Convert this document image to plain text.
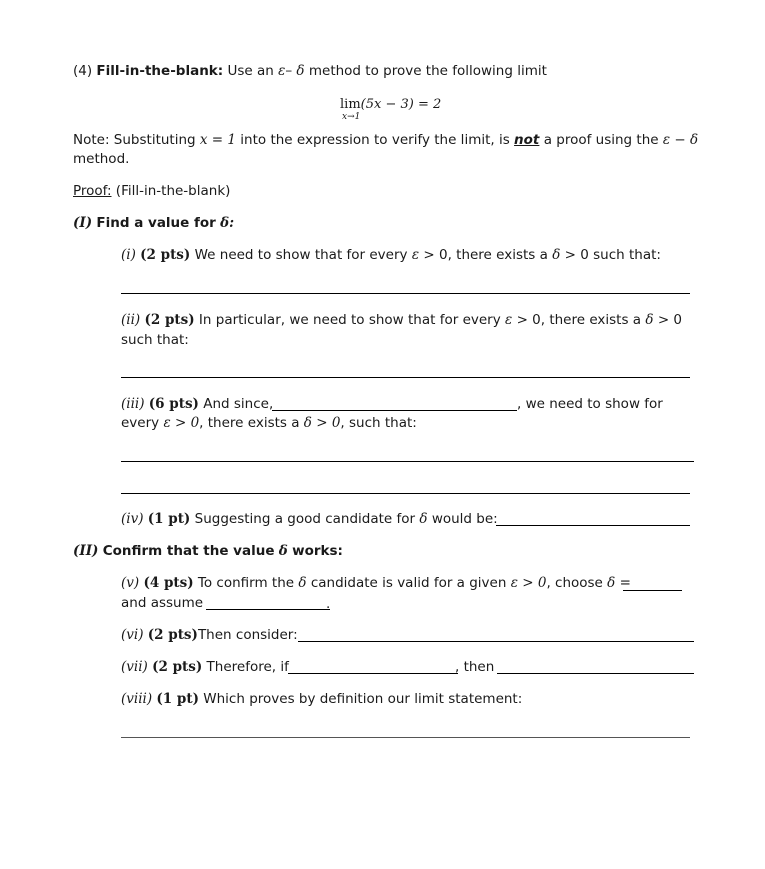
(4) Fill-in-the-blank: Use an ε– δ method to prove the following limit
lim(5x − 3) = 2
x→1
Note: Substituting x = 1 into the expression to verify the limit, is not a proof using the ε − δ
method.
Proof: (Fill-in-the-blank)
(I) Find a value for δ:
(i) (2 pts) We need to show that for every ε > 0, there exists a δ > 0 such that:
(ii) (2 pts) In particular, we need to show that for every ε > 0, there exists a δ > 0
such that:
(iii) (6 pts) And since,	, we need to show for
every ε > 0, there exists a δ > 0, such that:
(iv) (1 pt) Suggesting a good candidate for δ would be:
(II) Confirm that the value δ works:
(v) (4 pts) To confirm the δ candidate is valid for a given ε > 0, choose δ =
and assume	.
(vi) (2 pts)Then consider:
(vii) (2 pts) Therefore, if	, then
(viii) (1 pt) Which proves by definition our limit statement:
